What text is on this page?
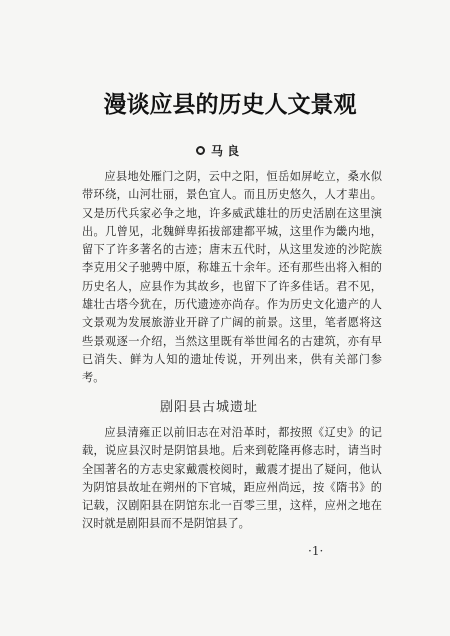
漫谈应县的历史人文景观
马 良

应县地处雁门之阴，云中之阳，恒岳如屏屹立，桑水似带环绕，山河壮丽，景色宜人。而且历史悠久，人才辈出。又是历代兵家必争之地，许多威武雄壮的历史活剧在这里演出。几曾见，北魏鲜卑拓拔部建都平城，这里作为畿内地，留下了许多著名的古迹；唐末五代时，从这里发迹的沙陀族李克用父子驰骋中原，称雄五十余年。还有那些出将入相的历史名人，应县作为其故乡，也留下了许多佳话。君不见，雄壮古塔今犹在，历代遗迹亦尚存。作为历史文化遗产的人文景观为发展旅游业开辟了广阔的前景。这里，笔者愿将这些景观逐一介绍，当然这里既有举世闻名的古建筑，亦有早已消失、鲜为人知的遗址传说，开列出来，供有关部门参考。

剧阳县古城遗址

应县清雍正以前旧志在对沿革时，都按照《辽史》的记载，说应县汉时是阴馆县地。后来到乾隆再修志时，请当时全国著名的方志史家戴震校阅时，戴震才提出了疑问，他认为阴馆县故址在朔州的下官城，距应州尚远，按《隋书》的记载，汉剧阳县在阴馆东北一百零三里，这样，应州之地在汉时就是剧阳县而不是阴馆县了。

·1·
